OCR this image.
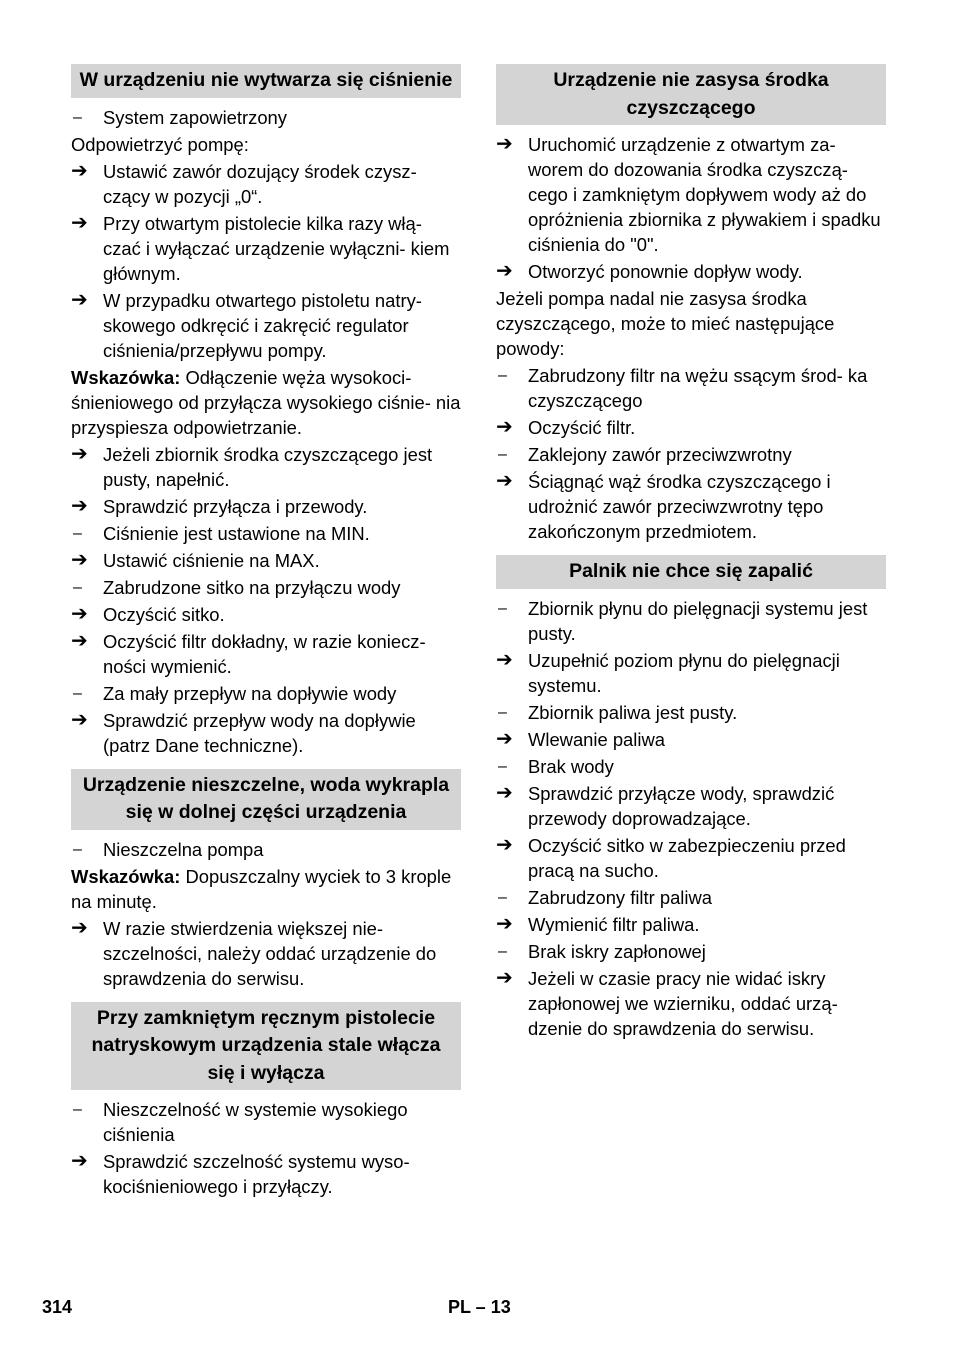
W urządzeniu nie wytwarza się ciśnienie
–	System zapowietrzony
Odpowietrzyć pompę:
➔ Ustawić zawór dozujący środek czysz- czący w pozycji „0“.
➔ Przy otwartym pistolecie kilka razy włą- czać i wyłączać urządzenie wyłączni- kiem głównym.
➔ W przypadku otwartego pistoletu natry- skowego odkręcić i zakręcić regulator ciśnienia/przepływu pompy.
Wskazówka: Odłączenie węża wysokoci- śnieniowego od przyłącza wysokiego ciśnie- nia przyspiesza odpowietrzanie.
➔ Jeżeli zbiornik środka czyszczącego jest pusty, napełnić.
➔ Sprawdzić przyłącza i przewody.
–	Ciśnienie jest ustawione na MIN.
➔ Ustawić ciśnienie na MAX.
–	Zabrudzone sitko na przyłączu wody
➔ Oczyścić sitko.
➔ Oczyścić filtr dokładny, w razie koniecz- ności wymienić.
–	Za mały przepływ na dopływie wody
➔ Sprawdzić przepływ wody na dopływie (patrz Dane techniczne).
Urządzenie nieszczelne, woda wykrapla się w dolnej części urządzenia
–	Nieszczelna pompa
Wskazówka: Dopuszczalny wyciek to 3 krople na minutę.
➔ W razie stwierdzenia większej nie- szczelności, należy oddać urządzenie do sprawdzenia do serwisu.
Przy zamkniętym ręcznym pistolecie natryskowym urządzenia stale włącza się i wyłącza
–	Nieszczelność w systemie wysokiego ciśnienia
➔ Sprawdzić szczelność systemu wyso- kociśnieniowego i przyłączy.
Urządzenie nie zasysa środka czyszczącego
➔ Uruchomić urządzenie z otwartym za- worem do dozowania środka czyszczą- cego i zamkniętym dopływem wody aż do opróżnienia zbiornika z pływakiem i spadku ciśnienia do "0".
➔ Otworzyć ponownie dopływ wody.
Jeżeli pompa nadal nie zasysa środka czyszczącego, może to mieć następujące powody:
–	Zabrudzony filtr na wężu ssącym środ- ka czyszczącego
➔ Oczyścić filtr.
–	Zaklejony zawór przeciwzwrotny
➔ Ściągnąć wąż środka czyszczącego i udrożnić zawór przeciwzwrotny tępo zakończonym przedmiotem.
Palnik nie chce się zapalić
–	Zbiornik płynu do pielęgnacji systemu jest pusty.
➔ Uzupełnić poziom płynu do pielęgnacji systemu.
–	Zbiornik paliwa jest pusty.
➔ Wlewanie paliwa
–	Brak wody
➔ Sprawdzić przyłącze wody, sprawdzić przewody doprowadzające.
➔ Oczyścić sitko w zabezpieczeniu przed pracą na sucho.
–	Zabrudzony filtr paliwa
➔ Wymienić filtr paliwa.
–	Brak iskry zapłonowej
➔ Jeżeli w czasie pracy nie widać iskry zapłonowej we wzierniku, oddać urzą- dzenie do sprawdzenia do serwisu.
314	PL – 13
